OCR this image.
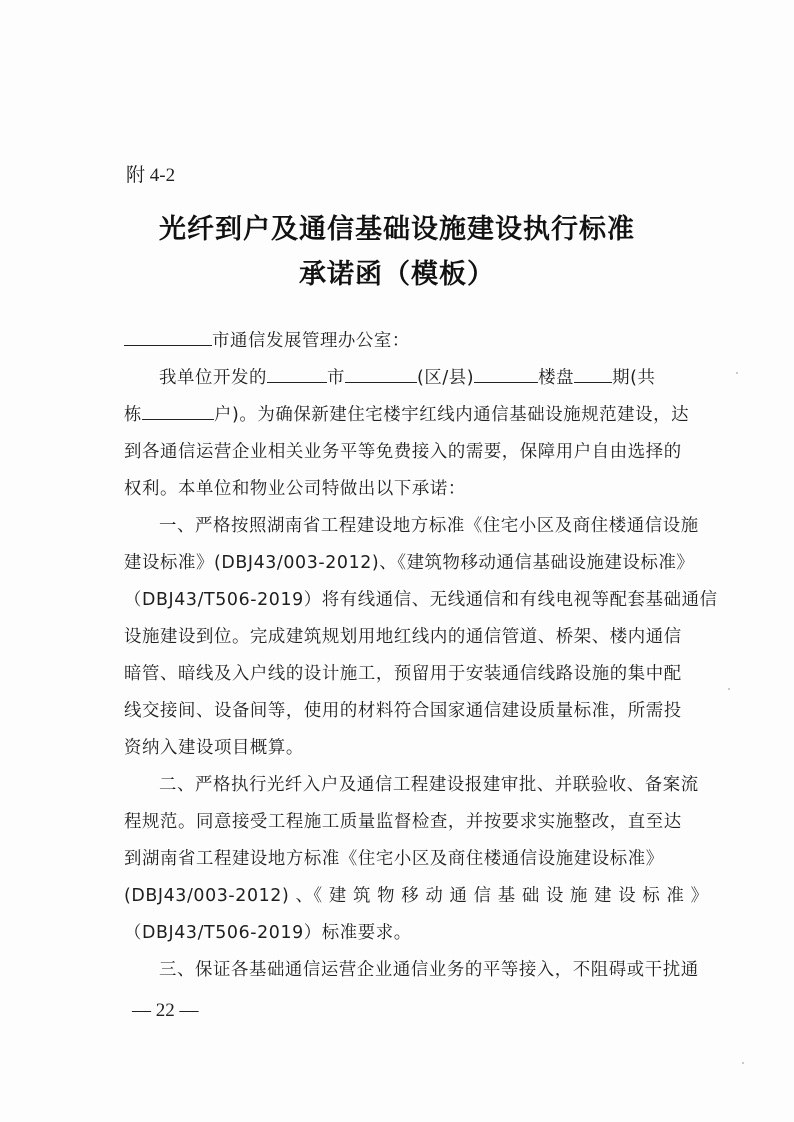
附 4-2
光纤到户及通信基础设施建设执行标准
承诺函（模板）
市通信发展管理办公室：
我单位开发的	市	(区/县)	楼盘 期(共
栋	户)。为确保新建住宅楼宇红线内通信基础设施规范建设，达
到各通信运营企业相关业务平等免费接入的需要，保障用户自由选择的
权利。本单位和物业公司特做出以下承诺：
一、严格按照湖南省工程建设地方标准《住宅小区及商住楼通信设施
建设标准》(DBJ43/003-2012)、《建筑物移动通信基础设施建设标准》
（DBJ43/T506-2019）将有线通信、无线通信和有线电视等配套基础通信
设施建设到位。完成建筑规划用地红线内的通信管道、桥架、楼内通信
暗管、暗线及入户线的设计施工，预留用于安装通信线路设施的集中配
线交接间、设备间等，使用的材料符合国家通信建设质量标准，所需投
资纳入建设项目概算。
二、严格执行光纤入户及通信工程建设报建审批、并联验收、备案流
程规范。同意接受工程施工质量监督检查，并按要求实施整改，直至达
到湖南省工程建设地方标准《住宅小区及商住楼通信设施建设标准》
(DBJ43/003-2012) 、《 建 筑 物 移 动 通 信 基 础 设 施 建 设 标 准 》
（DBJ43/T506-2019）标准要求。
三、保证各基础通信运营企业通信业务的平等接入，不阻碍或干扰通
— 22 —
